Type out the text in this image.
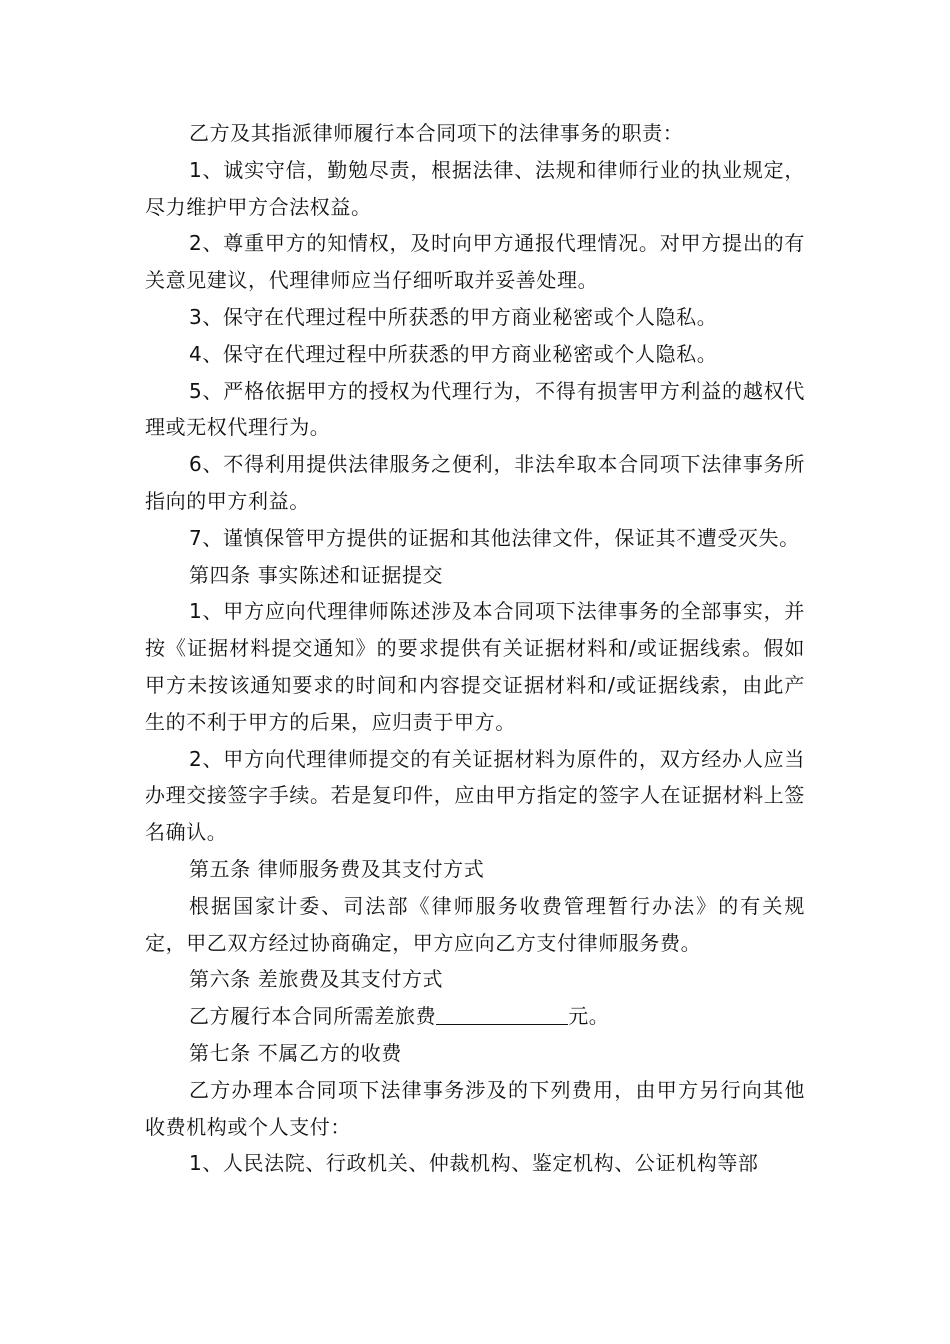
乙方及其指派律师履行本合同项下的法律事务的职责：

1、诚实守信，勤勉尽责，根据法律、法规和律师行业的执业规定，尽力维护甲方合法权益。

2、尊重甲方的知情权，及时向甲方通报代理情况。对甲方提出的有关意见建议，代理律师应当仔细听取并妥善处理。

3、保守在代理过程中所获悉的甲方商业秘密或个人隐私。

4、保守在代理过程中所获悉的甲方商业秘密或个人隐私。

5、严格依据甲方的授权为代理行为，不得有损害甲方利益的越权代理或无权代理行为。

6、不得利用提供法律服务之便利，非法牟取本合同项下法律事务所指向的甲方利益。

7、谨慎保管甲方提供的证据和其他法律文件，保证其不遭受灭失。

第四条 事实陈述和证据提交

1、甲方应向代理律师陈述涉及本合同项下法律事务的全部事实，并按《证据材料提交通知》的要求提供有关证据材料和/或证据线索。假如甲方未按该通知要求的时间和内容提交证据材料和/或证据线索，由此产生的不利于甲方的后果，应归责于甲方。

2、甲方向代理律师提交的有关证据材料为原件的，双方经办人应当办理交接签字手续。若是复印件，应由甲方指定的签字人在证据材料上签名确认。

第五条 律师服务费及其支付方式

根据国家计委、司法部《律师服务收费管理暂行办法》的有关规定，甲乙双方经过协商确定，甲方应向乙方支付律师服务费。

第六条 差旅费及其支付方式

乙方履行本合同所需差旅费	元。

第七条 不属乙方的收费

乙方办理本合同项下法律事务涉及的下列费用，由甲方另行向其他收费机构或个人支付：

1、人民法院、行政机关、仲裁机构、鉴定机构、公证机构等部
